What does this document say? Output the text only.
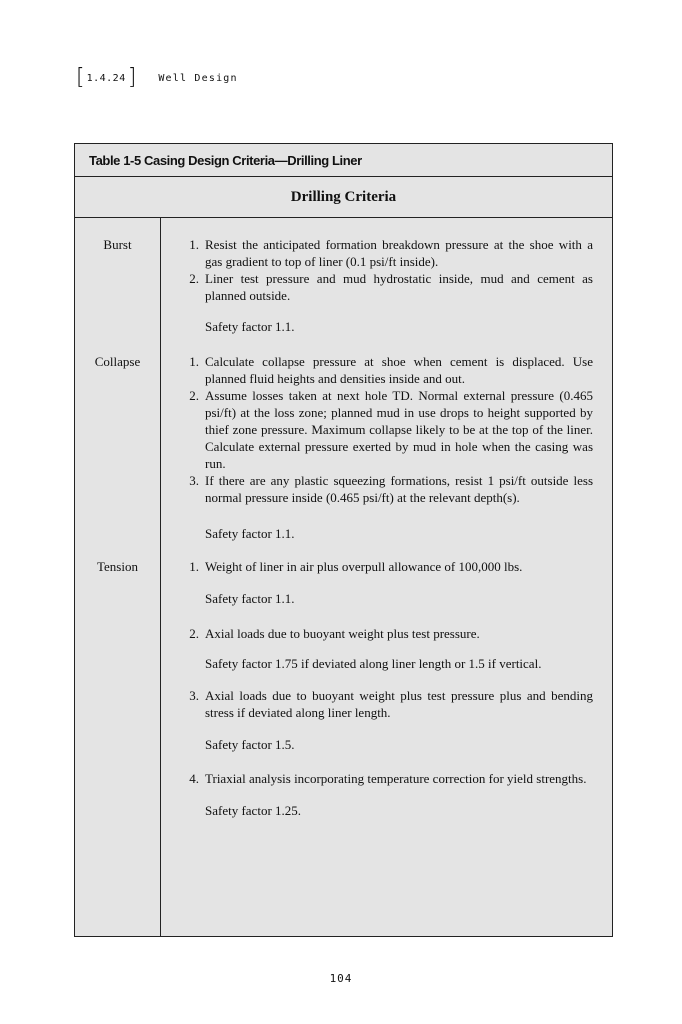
[ 1.4.24 ] Well Design
Table 1-5 Casing Design Criteria—Drilling Liner
Drilling Criteria
Burst	1. Resist the anticipated formation breakdown pressure at the shoe with a gas gradient to top of liner (0.1 psi/ft inside).

2. Liner test pressure and mud hydrostatic inside, mud and cement as planned outside.

Safety factor 1.1.

Collapse	1. Calculate collapse pressure at shoe when cement is displaced. Use planned fluid heights and densities inside and out.

2. Assume losses taken at next hole TD. Normal external pressure (0.465 psi/ft) at the loss zone; planned mud in use drops to height supported by thief zone pressure. Maximum collapse likely to be at the top of the liner. Calculate external pressure exerted by mud in hole when the casing was run.

3. If there are any plastic squeezing formations, resist 1 psi/ft outside less normal pressure inside (0.465 psi/ft) at the relevant depth(s).

Safety factor 1.1.

Tension	1. Weight of liner in air plus overpull allowance of 100,000 lbs.

Safety factor 1.1.

2. Axial loads due to buoyant weight plus test pressure.

Safety factor 1.75 if deviated along liner length or 1.5 if vertical.

3. Axial loads due to buoyant weight plus test pressure plus and bending stress if deviated along liner length.

Safety factor 1.5.

4. Triaxial analysis incorporating temperature correction for yield strengths.

Safety factor 1.25.

104
